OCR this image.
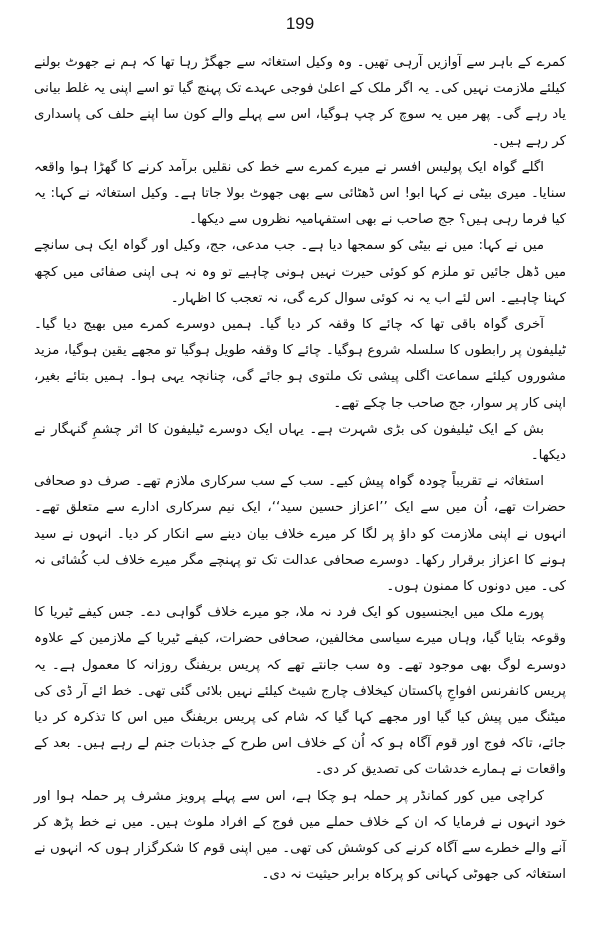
199

کمرے کے باہر سے آوازیں آرہی تھیں۔ وہ وکیل استغاثہ سے جھگڑ رہا تھا کہ ہم نے جھوٹ بولنے کیلئے ملازمت نہیں کی۔ یہ اگر ملک کے اعلیٰ فوجی عہدے تک پہنچ گیا تو اسے اپنی یہ غلط بیانی یاد رہے گی۔ پھر میں یہ سوچ کر چپ ہوگیا، اس سے پہلے والے کون سا اپنے حلف کی پاسداری کر رہے ہیں۔

اگلے گواہ ایک پولیس افسر نے میرے کمرے سے خط کی نقلیں برآمد کرنے کا گھڑا ہوا واقعہ سنایا۔ میری بیٹی نے کہا ابو! اس ڈھٹائی سے بھی جھوٹ بولا جاتا ہے۔ وکیل استغاثہ نے کہا: یہ کیا فرما رہی ہیں؟ جج صاحب نے بھی استفہامیہ نظروں سے دیکھا۔

میں نے کہا: میں نے بیٹی کو سمجھا دیا ہے۔ جب مدعی، جج، وکیل اور گواہ ایک ہی سانچے میں ڈھل جائیں تو ملزم کو کوئی حیرت نہیں ہونی چاہیے تو وہ نہ ہی اپنی صفائی میں کچھ کہنا چاہیے۔ اس لئے اب یہ نہ کوئی سوال کرے گی، نہ تعجب کا اظہار۔

آخری گواہ باقی تھا کہ چائے کا وقفہ کر دیا گیا۔ ہمیں دوسرے کمرے میں بھیج دیا گیا۔ ٹیلیفون پر رابطوں کا سلسلہ شروع ہوگیا۔ چائے کا وقفہ طویل ہوگیا تو مجھے یقین ہوگیا، مزید مشوروں کیلئے سماعت اگلی پیشی تک ملتوی ہو جائے گی، چنانچہ یہی ہوا۔ ہمیں بتائے بغیر، اپنی کار پر سوار، جج صاحب جا چکے تھے۔

بش کے ایک ٹیلیفون کی بڑی شہرت ہے۔ یہاں ایک دوسرے ٹیلیفون کا اثر چشمِ گنہگار نے دیکھا۔

استغاثہ نے تقریباً چودہ گواہ پیش کیے۔ سب کے سب سرکاری ملازم تھے۔ صرف دو صحافی حضرات تھے، اُن میں سے ایک ’’اعزاز حسین سید‘‘، ایک نیم سرکاری ادارے سے متعلق تھے۔ انہوں نے اپنی ملازمت کو داؤ پر لگا کر میرے خلاف بیان دینے سے انکار کر دیا۔ انہوں نے سید ہونے کا اعزاز برقرار رکھا۔ دوسرے صحافی عدالت تک تو پہنچے مگر میرے خلاف لب کُشائی نہ کی۔ میں دونوں کا ممنون ہوں۔

پورے ملک میں ایجنسیوں کو ایک فرد نہ ملا، جو میرے خلاف گواہی دے۔ جس کیفے ٹیریا کا وقوعہ بتایا گیا، وہاں میرے سیاسی مخالفین، صحافی حضرات، کیفے ٹیریا کے ملازمین کے علاوہ دوسرے لوگ بھی موجود تھے۔ وہ سب جانتے تھے کہ پریس بریفنگ روزانہ کا معمول ہے۔ یہ پریس کانفرنس افواجِ پاکستان کیخلاف چارج شیٹ کیلئے نہیں بلائی گئی تھی۔ خط ائے آر ڈی کی میٹنگ میں پیش کیا گیا اور مجھے کہا گیا کہ شام کی پریس بریفنگ میں اس کا تذکرہ کر دیا جائے، تاکہ فوج اور قوم آگاہ ہو کہ اُن کے خلاف اس طرح کے جذبات جنم لے رہے ہیں۔ بعد کے واقعات نے ہمارے خدشات کی تصدیق کر دی۔

کراچی میں کور کمانڈر پر حملہ ہو چکا ہے، اس سے پہلے پرویز مشرف پر حملہ ہوا اور خود انہوں نے فرمایا کہ ان کے خلاف حملے میں فوج کے افراد ملوث ہیں۔ میں نے خط پڑھ کر آنے والے خطرے سے آگاہ کرنے کی کوشش کی تھی۔ میں اپنی قوم کا شکرگزار ہوں کہ انہوں نے استغاثہ کی جھوٹی کہانی کو پرکاہ برابر حیثیت نہ دی۔
